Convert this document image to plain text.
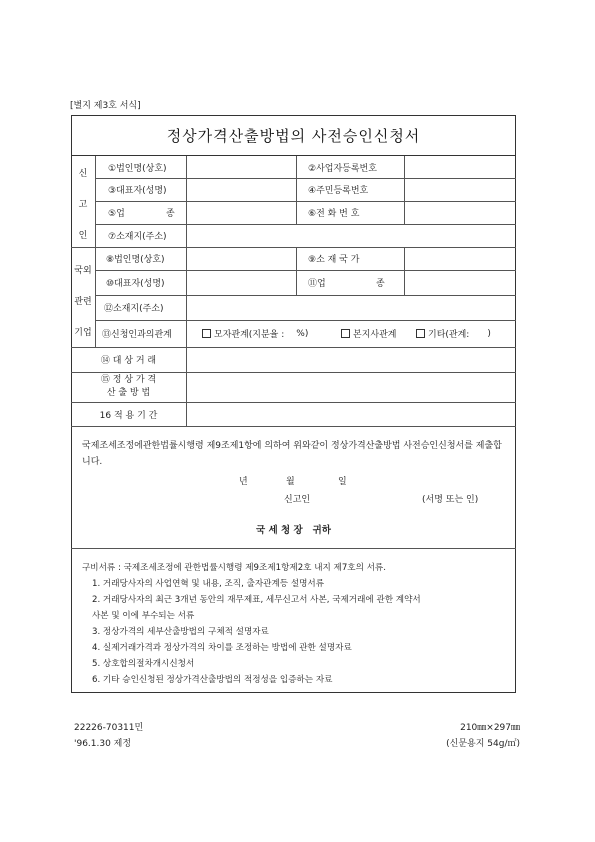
[별지 제3호 서식]
정상가격산출방법의 사전승인신청서
신
고
인
①법인명(상호)	②사업자등록번호
③대표자(성명)	④주민등록번호
⑤업	종	⑥전 화 번 호
⑦소재지(주소)
국외
관련
기업
⑧법인명(상호)	⑨소 재 국 가
⑩대표자(성명)	⑪업	종
⑫소재지(주소)
⑬신청인과의관계	모자관계(지분율 : %)	본지사관계	기타(관계: )
⑭ 대 상 거 래
⑮ 정 상 가 격
산 출 방 법
16 적 용 기 간
국제조세조정에관한법률시행령 제9조제1항에 의하여 위와같이 정상가격산출방법 사전승인신청서를 제출합니다.
년	월	일
신고인	(서명 또는 인)
국 세 청 장   귀하
구비서류 : 국제조세조정에 관한법률시행령 제9조제1항제2호 내지 제7호의 서류.
1. 거래당사자의 사업연혁 및 내용, 조직, 출자관계등 설명서류
2. 거래당사자의 최근 3개년 동안의 재무제표, 세무신고서 사본, 국제거래에 관한 계약서
사본 및 이에 부수되는 서류
3. 정상가격의 세부산출방법의 구체적 설명자료
4. 실제거래가격과 정상가격의 차이를 조정하는 방법에 관한 설명자료
5. 상호합의절차개시신청서
6. 기타 승인신청된 정상가격산출방법의 적정성을 입증하는 자료
22226-70311민
'96.1.30 제정
210㎜×297㎜
(신문용지 54g/㎡)
